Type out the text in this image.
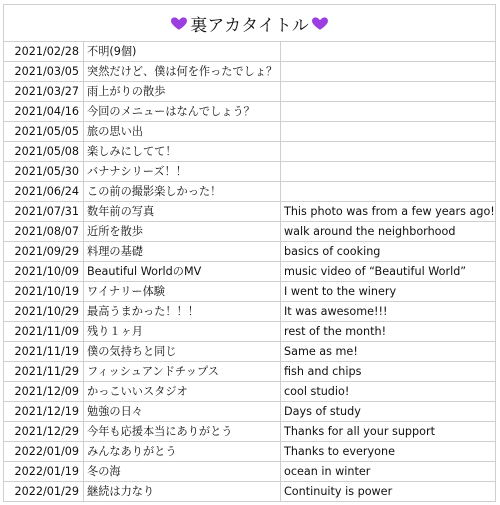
裏アカタイトル
2021/02/28	不明(9個)	
2021/03/05	突然だけど、僕は何を作ったでしょ？	
2021/03/27	雨上がりの散歩	
2021/04/16	今回のメニューはなんでしょう？	
2021/05/05	旅の思い出	
2021/05/08	楽しみにしてて！	
2021/05/30	バナナシリーズ！！	
2021/06/24	この前の撮影楽しかった！	
2021/07/31	数年前の写真	This photo was from a few years ago!
2021/08/07	近所を散歩	walk around the neighborhood
2021/09/29	料理の基礎	basics of cooking
2021/10/09	Beautiful WorldのMV	music video of “Beautiful World”
2021/10/19	ワイナリー体験	I went to the winery
2021/10/29	最高うまかった！！！	It was awesome!!!
2021/11/09	残り１ヶ月	rest of the month!
2021/11/19	僕の気持ちと同じ	Same as me!
2021/11/29	フィッシュアンドチップス	fish and chips
2021/12/09	かっこいいスタジオ	cool studio!
2021/12/19	勉強の日々	Days of study
2021/12/29	今年も応援本当にありがとう	Thanks for all your support
2022/01/09	みんなありがとう	Thanks to everyone
2022/01/19	冬の海	ocean in winter
2022/01/29	継続は力なり	Continuity is power
